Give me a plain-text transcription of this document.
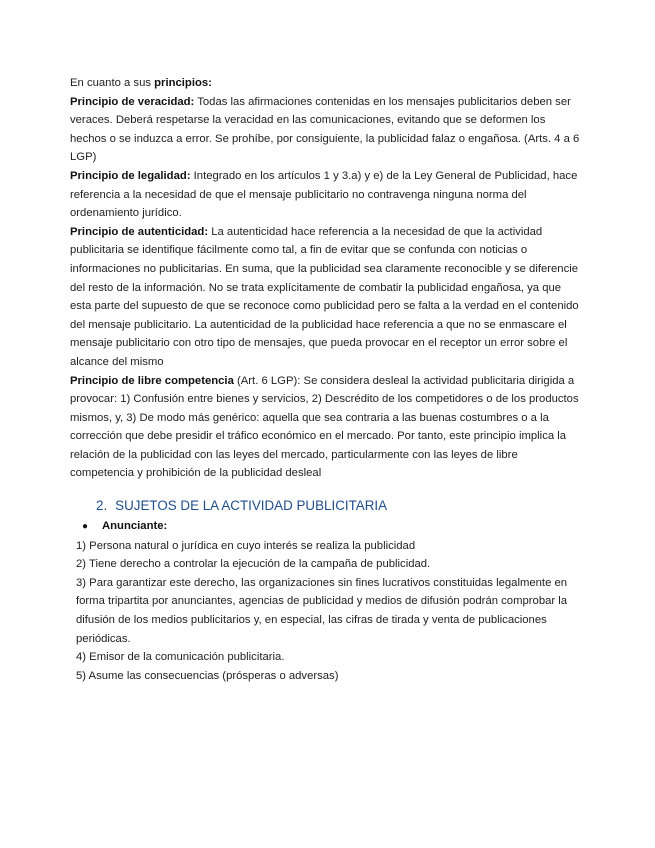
En cuanto a sus principios:

Principio de veracidad: Todas las afirmaciones contenidas en los mensajes publicitarios deben ser veraces. Deberá respetarse la veracidad en las comunicaciones, evitando que se deformen los hechos o se induzca a error. Se prohíbe, por consiguiente, la publicidad falaz o engañosa. (Arts. 4 a 6 LGP)

Principio de legalidad: Integrado en los artículos 1 y 3.a) y e) de la Ley General de Publicidad, hace referencia a la necesidad de que el mensaje publicitario no contravenga ninguna norma del ordenamiento jurídico.

Principio de autenticidad: La autenticidad hace referencia a la necesidad de que la actividad publicitaria se identifique fácilmente como tal, a fin de evitar que se confunda con noticias o informaciones no publicitarias. En suma, que la publicidad sea claramente reconocible y se diferencie del resto de la información. No se trata explícitamente de combatir la publicidad engañosa, ya que esta parte del supuesto de que se reconoce como publicidad pero se falta a la verdad en el contenido del mensaje publicitario. La autenticidad de la publicidad hace referencia a que no se enmascare el mensaje publicitario con otro tipo de mensajes, que pueda provocar en el receptor un error sobre el alcance del mismo

Principio de libre competencia (Art. 6 LGP): Se considera desleal la actividad publicitaria dirigida a provocar: 1) Confusión entre bienes y servicios, 2) Descrédito de los competidores o de los productos mismos, y, 3) De modo más genérico: aquella que sea contraria a las buenas costumbres o a la corrección que debe presidir el tráfico económico en el mercado. Por tanto, este principio implica la relación de la publicidad con las leyes del mercado, particularmente con las leyes de libre competencia y prohibición de la publicidad desleal

2. SUJETOS DE LA ACTIVIDAD PUBLICITARIA
● Anunciante:
1) Persona natural o jurídica en cuyo interés se realiza la publicidad
2) Tiene derecho a controlar la ejecución de la campaña de publicidad.
3) Para garantizar este derecho, las organizaciones sin fines lucrativos constituidas legalmente en forma tripartita por anunciantes, agencias de publicidad y medios de difusión podrán comprobar la difusión de los medios publicitarios y, en especial, las cifras de tirada y venta de publicaciones periódicas.
4) Emisor de la comunicación publicitaria.
5) Asume las consecuencias (prósperas o adversas)
